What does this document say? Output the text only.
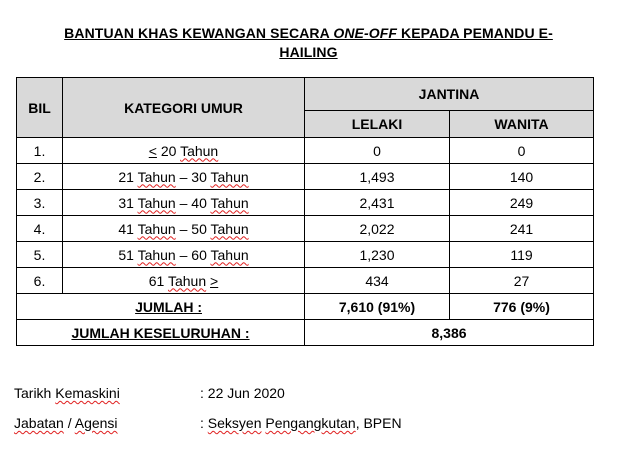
BANTUAN KHAS KEWANGAN SECARA ONE-OFF KEPADA PEMANDU E-
HAILING
BIL	KATEGORI UMUR	JANTINA	
		LELAKI	WANITA
1.	< 20 Tahun	0	0
2.	21 Tahun – 30 Tahun	1,493	140
3.	31 Tahun – 40 Tahun	2,431	249
4.	41 Tahun – 50 Tahun	2,022	241
5.	51 Tahun – 60 Tahun	1,230	119
6.	61 Tahun >	434	27
JUMLAH :		7,610 (91%)	776 (9%)
JUMLAH KESELURUHAN :		8,386	
Tarikh Kemaskini	: 22 Jun 2020
Jabatan / Agensi	: Seksyen Pengangkutan, BPEN
